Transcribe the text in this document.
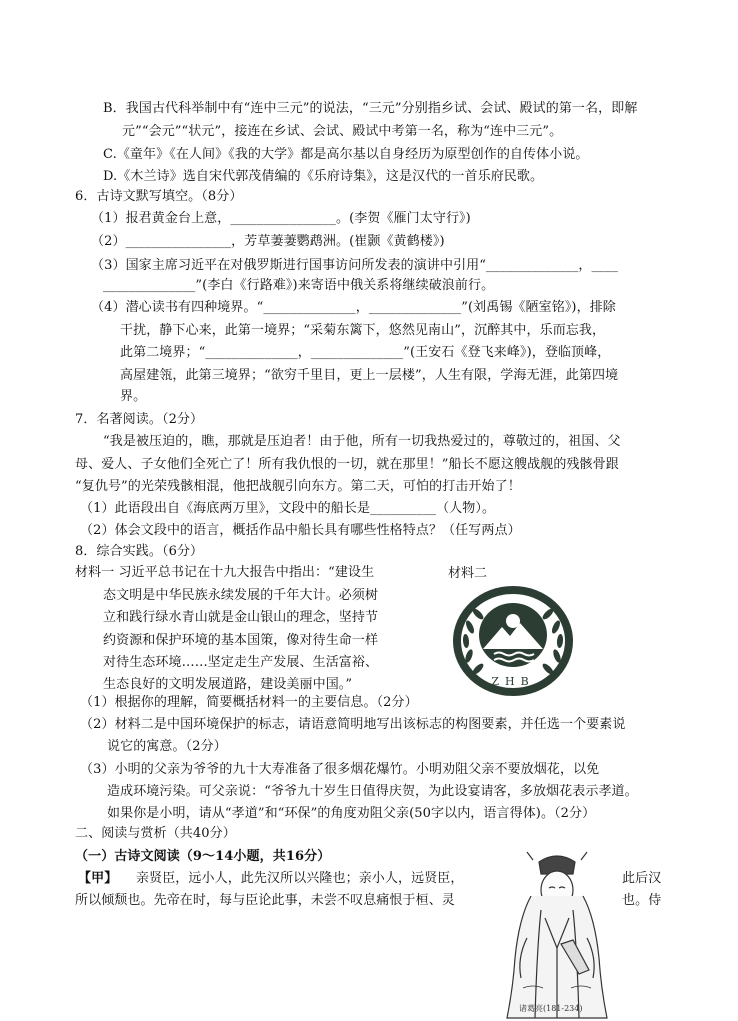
B．我国古代科举制中有“连中三元”的说法，“三元”分别指乡试、会试、殿试的第一名，即解
元”“会元”“状元”，接连在乡试、会试、殿试中考第一名，称为“连中三元”。
C.《童年》《在人间》《我的大学》都是高尔基以自身经历为原型创作的自传体小说。
D.《木兰诗》选自宋代郭茂倩编的《乐府诗集》，这是汉代的一首乐府民歌。
6．古诗文默写填空。（8分）
（1）报君黄金台上意，________________。(李贺《雁门太守行》)
（2）________________，芳草萋萋鹦鹉洲。(崔颢《黄鹤楼》)
（3）国家主席习近平在对俄罗斯进行国事访问所发表的演讲中引用“______________，____
______________”(李白《行路难》)来寄语中俄关系将继续破浪前行。
（4）潜心读书有四种境界。“______________，______________”(刘禹锡《陋室铭》)，排除
干扰，静下心来，此第一境界；“采菊东篱下，悠然见南山”，沉醉其中，乐而忘我，
此第二境界；“______________，______________”(王安石《登飞来峰》)，登临顶峰，
高屋建瓴，此第三境界；“欲穷千里目，更上一层楼”，人生有限，学海无涯，此第四境
界。
7．名著阅读。（2分）
“我是被压迫的，瞧，那就是压迫者！由于他，所有一切我热爱过的，尊敬过的，祖国、父
母、爱人、子女他们全死亡了！所有我仇恨的一切，就在那里！”船长不愿这艘战舰的残骸骨跟
“复仇号”的光荣残骸相混，他把战舰引向东方。第二天，可怕的打击开始了！
（1）此语段出自《海底两万里》，文段中的船长是__________（人物）。
（2）体会文段中的语言，概括作品中船长具有哪些性格特点？（任写两点）
8．综合实践。（6分）
材料一 习近平总书记在十九大报告中指出：“建设生
态文明是中华民族永续发展的千年大计。必须树
立和践行绿水青山就是金山银山的理念，坚持节
约资源和保护环境的基本国策，像对待生命一样
对待生态环境……坚定走生产发展、生活富裕、
生态良好的文明发展道路，建设美丽中国。”
材料二
ZHB
（1）根据你的理解，简要概括材料一的主要信息。（2分）
（2）材料二是中国环境保护的标志，请语意简明地写出该标志的构图要素，并任选一个要素说
说它的寓意。（2分）
（3）小明的父亲为爷爷的九十大寿准备了很多烟花爆竹。小明劝阻父亲不要放烟花，以免
造成环境污染。可父亲说：“爷爷九十岁生日值得庆贺，为此设宴请客，多放烟花表示孝道。
如果你是小明，请从“孝道”和“环保”的角度劝阻父亲(50字以内，语言得体)。（2分）
二、阅读与赏析（共40分）
（一）古诗文阅读（9～14小题，共16分）
【甲】 亲贤臣，远小人，此先汉所以兴隆也；亲小人，远贤臣，	此后汉
所以倾颓也。先帝在时，每与臣论此事，未尝不叹息痛恨于桓、灵	也。侍
诸葛亮(181-234)
